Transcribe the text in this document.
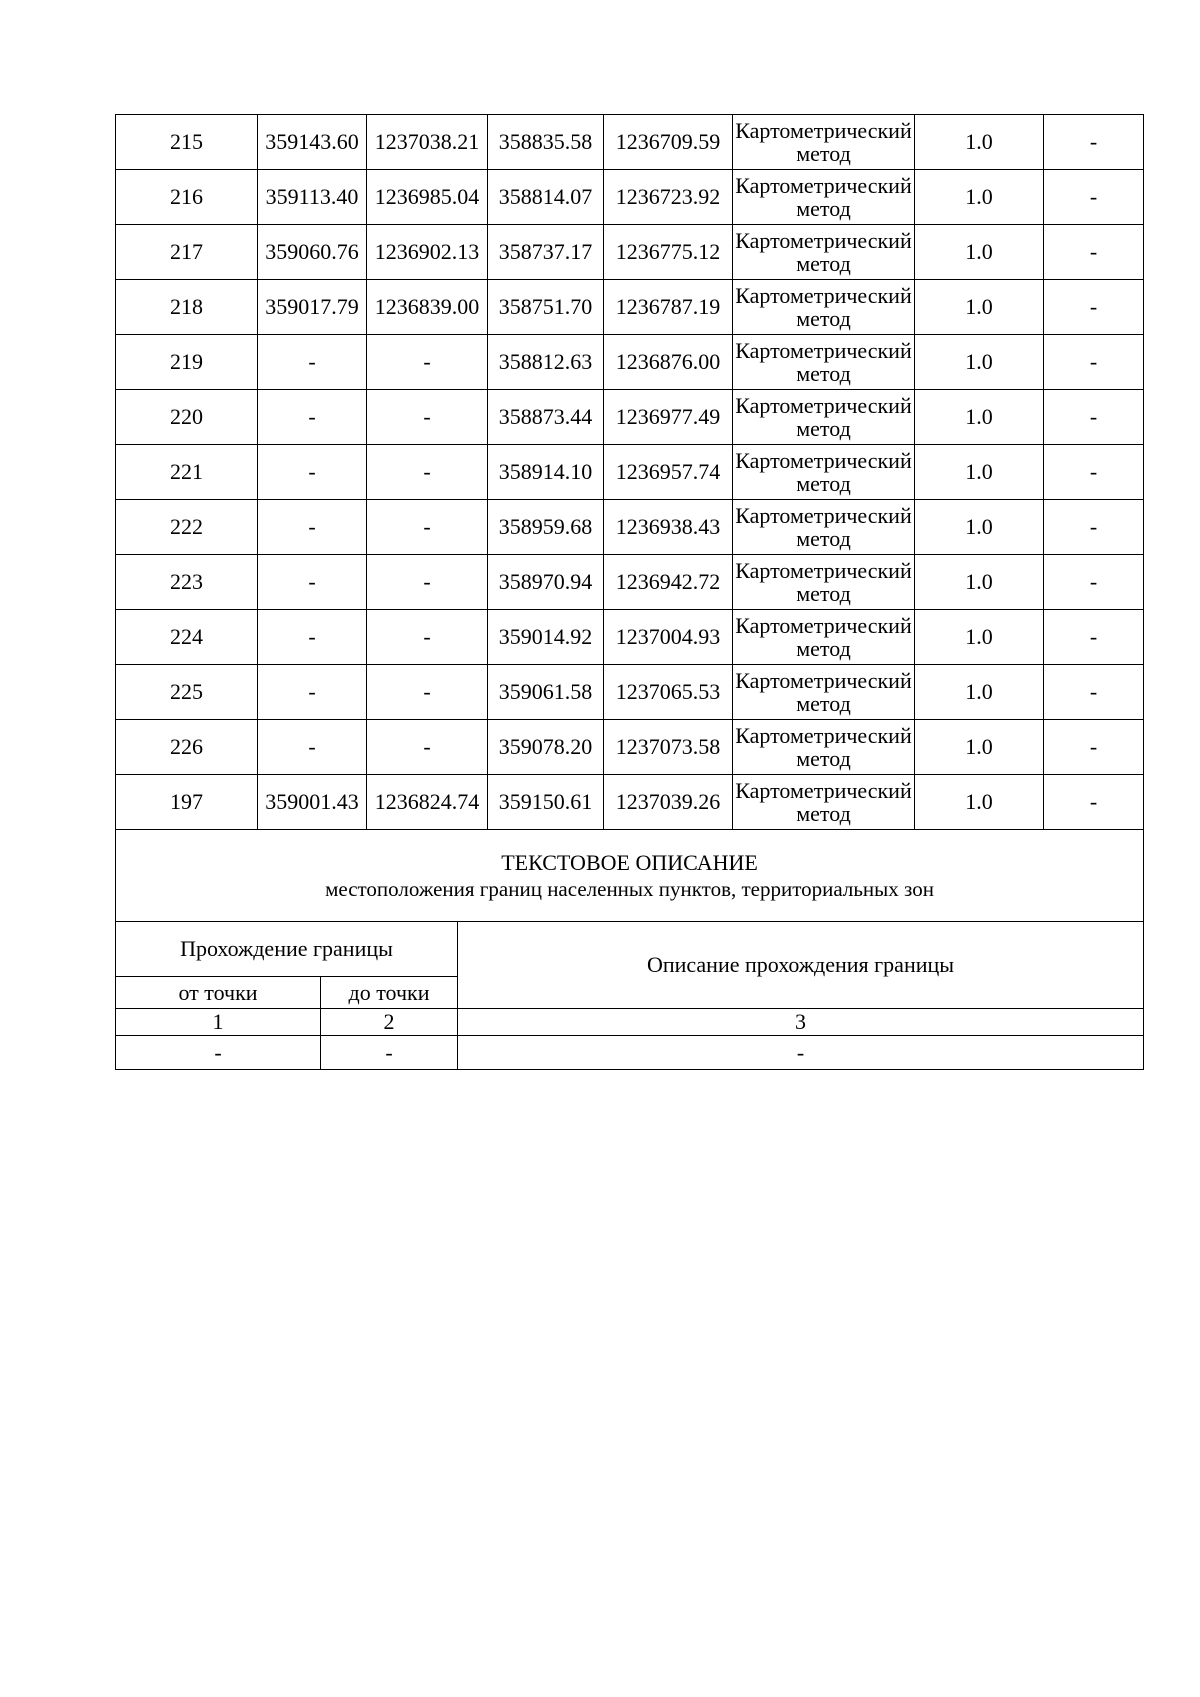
215	359143.60	1237038.21	358835.58	1236709.59	Картометрический метод	1.0	-
216	359113.40	1236985.04	358814.07	1236723.92	Картометрический метод	1.0	-
217	359060.76	1236902.13	358737.17	1236775.12	Картометрический метод	1.0	-
218	359017.79	1236839.00	358751.70	1236787.19	Картометрический метод	1.0	-
219	-	-	358812.63	1236876.00	Картометрический метод	1.0	-
220	-	-	358873.44	1236977.49	Картометрический метод	1.0	-
221	-	-	358914.10	1236957.74	Картометрический метод	1.0	-
222	-	-	358959.68	1236938.43	Картометрический метод	1.0	-
223	-	-	358970.94	1236942.72	Картометрический метод	1.0	-
224	-	-	359014.92	1237004.93	Картометрический метод	1.0	-
225	-	-	359061.58	1237065.53	Картометрический метод	1.0	-
226	-	-	359078.20	1237073.58	Картометрический метод	1.0	-
197	359001.43	1236824.74	359150.61	1237039.26	Картометрический метод	1.0	-
ТЕКСТОВОЕ ОПИСАНИЕ
местоположения границ населенных пунктов, территориальных зон		

Прохождение границы		Описание прохождения границы
от точки	до точки	
1	2	3
-	-	-
